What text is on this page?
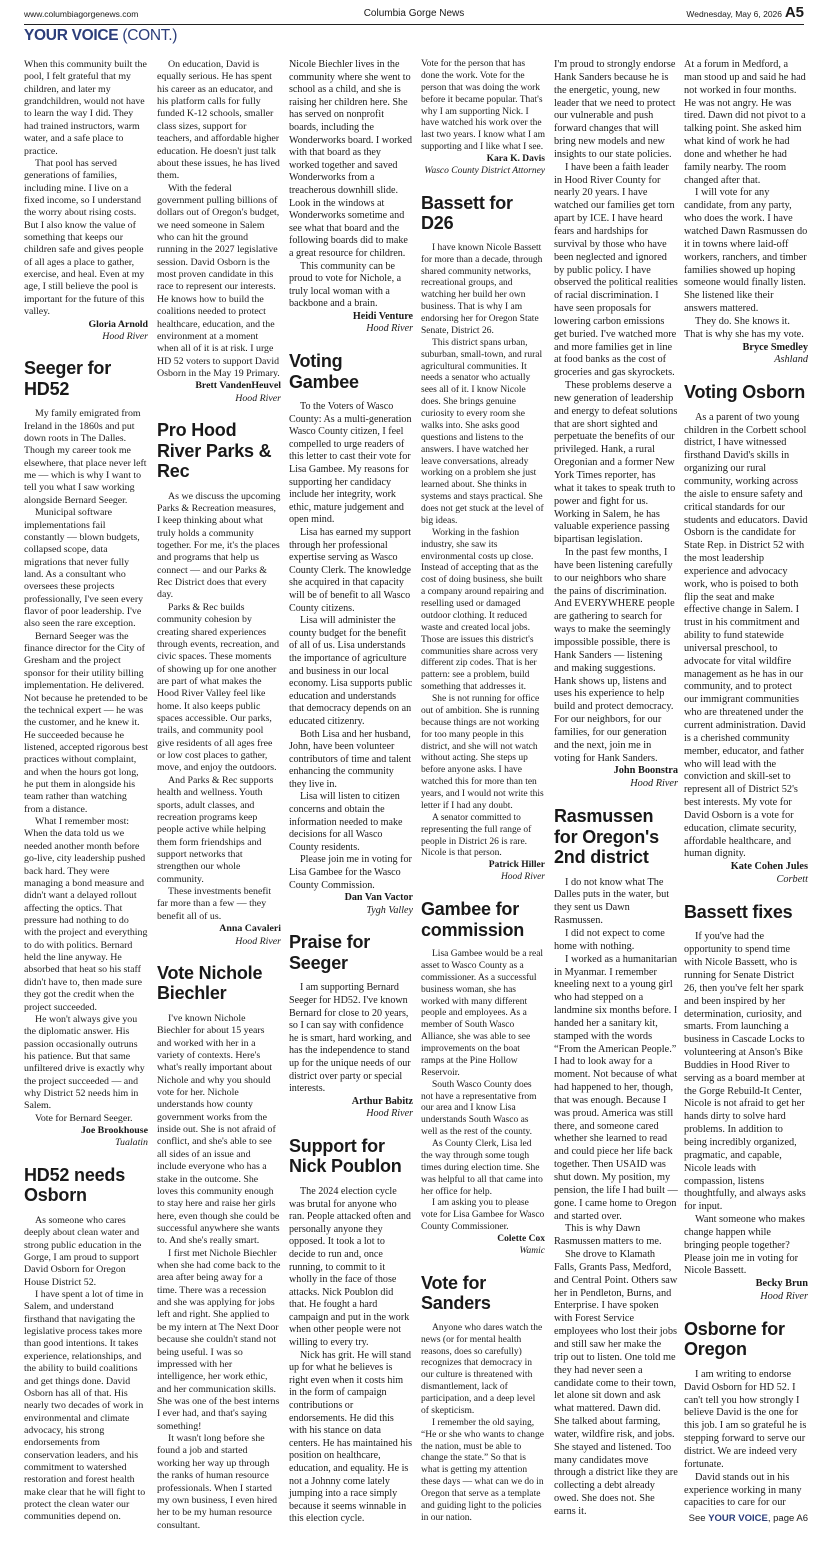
www.columbiagorgenews.com	Columbia Gorge News	Wednesday, May 6, 2026 A5
YOUR VOICE (CONT.)

When this community built the pool, I felt grateful that my children, and later my grandchildren, would not have to learn the way I did. They had trained instructors, warm water, and a safe place to practice.

That pool has served generations of families, including mine. I live on a fixed income, so I understand the worry about rising costs. But I also know the value of something that keeps our children safe and gives people of all ages a place to gather, exercise, and heal. Even at my age, I still believe the pool is important for the future of this valley.

Gloria Arnold
Hood River
Seeger for HD52

My family emigrated from Ireland in the 1860s and put down roots in The Dalles. Though my career took me elsewhere, that place never left me — which is why I want to tell you what I saw working alongside Bernard Seeger.

Municipal software implementations fail constantly — blown budgets, collapsed scope, data migrations that never fully land. As a consultant who oversees these projects professionally, I've seen every flavor of poor leadership. I've also seen the rare exception.

Bernard Seeger was the finance director for the City of Gresham and the project sponsor for their utility billing implementation. He delivered. Not because he pretended to be the technical expert — he was the customer, and he knew it. He succeeded because he listened, accepted rigorous best practices without complaint, and when the hours got long, he put them in alongside his team rather than watching from a distance.

What I remember most: When the data told us we needed another month before go-live, city leadership pushed back hard. They were managing a bond measure and didn't want a delayed rollout affecting the optics. That pressure had nothing to do with the project and everything to do with politics. Bernard held the line anyway. He absorbed that heat so his staff didn't have to, then made sure they got the credit when the project succeeded.

He won't always give you the diplomatic answer. His passion occasionally outruns his patience. But that same unfiltered drive is exactly why the project succeeded — and why District 52 needs him in Salem.

Vote for Bernard Seeger.

Joe Brookhouse
Tualatin
HD52 needs Osborn

As someone who cares deeply about clean water and strong public education in the Gorge, I am proud to support David Osborn for Oregon House District 52.

I have spent a lot of time in Salem, and understand firsthand that navigating the legislative process takes more than good intentions. It takes experience, relationships, and the ability to build coalitions and get things done. David Osborn has all of that. His nearly two decades of work in environmental and climate advocacy, his strong endorsements from conservation leaders, and his commitment to watershed restoration and forest health make clear that he will fight to protect the clean water our communities depend on.

On education, David is equally serious. He has spent his career as an educator, and his platform calls for fully funded K-12 schools, smaller class sizes, support for teachers, and affordable higher education. He doesn't just talk about these issues, he has lived them.

With the federal government pulling billions of dollars out of Oregon's budget, we need someone in Salem who can hit the ground running in the 2027 legislative session. David Osborn is the most proven candidate in this race to represent our interests. He knows how to build the coalitions needed to protect healthcare, education, and the environment at a moment when all of it is at risk. I urge HD 52 voters to support David Osborn in the May 19 Primary.

Brett VandenHeuvel
Hood River
Pro Hood River Parks & Rec

As we discuss the upcoming Parks & Recreation measures, I keep thinking about what truly holds a community together. For me, it's the places and programs that help us connect — and our Parks & Rec District does that every day.

Parks & Rec builds community cohesion by creating shared experiences through events, recreation, and civic spaces. These moments of showing up for one another are part of what makes the Hood River Valley feel like home. It also keeps public spaces accessible. Our parks, trails, and community pool give residents of all ages free or low cost places to gather, move, and enjoy the outdoors.

And Parks & Rec supports health and wellness. Youth sports, adult classes, and recreation programs keep people active while helping them form friendships and support networks that strengthen our whole community.

These investments benefit far more than a few — they benefit all of us.

Anna Cavaleri
Hood River
Vote Nichole Biechler

I've known Nichole Biechler for about 15 years and worked with her in a variety of contexts. Here's what's really important about Nichole and why you should vote for her. Nichole understands how county government works from the inside out. She is not afraid of conflict, and she's able to see all sides of an issue and include everyone who has a stake in the outcome. She loves this community enough to stay here and raise her girls here, even though she could be successful anywhere she wants to. And she's really smart.

I first met Nichole Biechler when she had come back to the area after being away for a time. There was a recession and she was applying for jobs left and right. She applied to be my intern at The Next Door because she couldn't stand not being useful. I was so impressed with her intelligence, her work ethic, and her communication skills. She was one of the best interns I ever had, and that's saying something!

It wasn't long before she found a job and started working her way up through the ranks of human resource professionals. When I started my own business, I even hired her to be my human resource consultant.

Nicole Biechler lives in the community where she went to school as a child, and she is raising her children here. She has served on nonprofit boards, including the Wonderworks board. I worked with that board as they worked together and saved Wonderworks from a treacherous downhill slide. Look in the windows at Wonderworks sometime and see what that board and the following boards did to make a great resource for children.

This community can be proud to vote for Nichole, a truly local woman with a backbone and a brain.

Heidi Venture
Hood River
Voting Gambee

To the Voters of Wasco County: As a multi-generation Wasco County citizen, I feel compelled to urge readers of this letter to cast their vote for Lisa Gambee. My reasons for supporting her candidacy include her integrity, work ethic, mature judgement and open mind.

Lisa has earned my support through her professional expertise serving as Wasco County Clerk. The knowledge she acquired in that capacity will be of benefit to all Wasco County citizens.

Lisa will administer the county budget for the benefit of all of us. Lisa understands the importance of agriculture and business in our local economy. Lisa supports public education and understands that democracy depends on an educated citizenry.

Both Lisa and her husband, John, have been volunteer contributors of time and talent enhancing the community they live in.

Lisa will listen to citizen concerns and obtain the information needed to make decisions for all Wasco County residents.

Please join me in voting for Lisa Gambee for the Wasco County Commission.

Dan Van Vactor
Tygh Valley
Praise for Seeger

I am supporting Bernard Seeger for HD52. I've known Bernard for close to 20 years, so I can say with confidence he is smart, hard working, and has the independence to stand up for the unique needs of our district over party or special interests.

Arthur Babitz
Hood River
Support for Nick Poublon

The 2024 election cycle was brutal for anyone who ran. People attacked often and personally anyone they opposed. It took a lot to decide to run and, once running, to commit to it wholly in the face of those attacks. Nick Poublon did that. He fought a hard campaign and put in the work when other people were not willing to every try.

Nick has grit. He will stand up for what he believes is right even when it costs him in the form of campaign contributions or endorsements. He did this with his stance on data centers. He has maintained his position on healthcare, education, and equality. He is not a Johnny come lately jumping into a race simply because it seems winnable in this election cycle.

Vote for the person that has done the work. Vote for the person that was doing the work before it became popular. That's why I am supporting Nick. I have watched his work over the last two years. I know what I am supporting and I like what I see.

Kara K. Davis
Wasco County District Attorney
Bassett for D26

I have known Nicole Bassett for more than a decade, through shared community networks, recreational groups, and watching her build her own business. That is why I am endorsing her for Oregon State Senate, District 26.

This district spans urban, suburban, small-town, and rural agricultural communities. It needs a senator who actually sees all of it. I know Nicole does. She brings genuine curiosity to every room she walks into. She asks good questions and listens to the answers. I have watched her leave conversations, already working on a problem she just learned about. She thinks in systems and stays practical. She does not get stuck at the level of big ideas.

Working in the fashion industry, she saw its environmental costs up close. Instead of accepting that as the cost of doing business, she built a company around repairing and reselling used or damaged outdoor clothing. It reduced waste and created local jobs. Those are issues this district's communities share across very different zip codes. That is her pattern: see a problem, build something that addresses it.

She is not running for office out of ambition. She is running because things are not working for too many people in this district, and she will not watch without acting. She steps up before anyone asks. I have watched this for more than ten years, and I would not write this letter if I had any doubt.

A senator committed to representing the full range of people in District 26 is rare. Nicole is that person.

Patrick Hiller
Hood River
Gambee for commission

Lisa Gambee would be a real asset to Wasco County as a commissioner. As a successful business woman, she has worked with many different people and employees. As a member of South Wasco Alliance, she was able to see improvements on the boat ramps at the Pine Hollow Reservoir.

South Wasco County does not have a representative from our area and I know Lisa understands South Wasco as well as the rest of the county.

As County Clerk, Lisa led the way through some tough times during election time. She was helpful to all that came into her office for help.

I am asking you to please vote for Lisa Gambee for Wasco County Commissioner.

Colette Cox
Wamic
Vote for Sanders

Anyone who dares watch the news (or for mental health reasons, does so carefully) recognizes that democracy in our culture is threatened with dismantlement, lack of participation, and a deep level of skepticism.

I remember the old saying, “He or she who wants to change the nation, must be able to change the state.” So that is what is getting my attention these days — what can we do in Oregon that serve as a template and guiding light to the policies in our nation.

I'm proud to strongly endorse Hank Sanders because he is the energetic, young, new leader that we need to protect our vulnerable and push forward changes that will bring new models and new insights to our state policies.

I have been a faith leader in Hood River County for nearly 20 years. I have watched our families get torn apart by ICE. I have heard fears and hardships for survival by those who have been neglected and ignored by public policy. I have observed the political realities of racial discrimination. I have seen proposals for lowering carbon emissions get buried. I've watched more and more families get in line at food banks as the cost of groceries and gas skyrockets.

These problems deserve a new generation of leadership and energy to defeat solutions that are short sighted and perpetuate the benefits of our privileged. Hank, a rural Oregonian and a former New York Times reporter, has what it takes to speak truth to power and fight for us. Working in Salem, he has valuable experience passing bipartisan legislation.

In the past few months, I have been listening carefully to our neighbors who share the pains of discrimination. And EVERYWHERE people are gathering to search for ways to make the seemingly impossible possible, there is Hank Sanders — listening and making suggestions. Hank shows up, listens and uses his experience to help build and protect democracy. For our neighbors, for our families, for our generation and the next, join me in voting for Hank Sanders.

John Boonstra
Hood River
Rasmussen for Oregon's 2nd district

I do not know what The Dalles puts in the water, but they sent us Dawn Rasmussen.

I did not expect to come home with nothing.

I worked as a humanitarian in Myanmar. I remember kneeling next to a young girl who had stepped on a landmine six months before. I handed her a sanitary kit, stamped with the words “From the American People.” I had to look away for a moment. Not because of what had happened to her, though, that was enough. Because I was proud. America was still there, and someone cared whether she learned to read and could piece her life back together. Then USAID was shut down. My position, my pension, the life I had built — gone. I came home to Oregon and started over.

This is why Dawn Rasmussen matters to me.

She drove to Klamath Falls, Grants Pass, Medford, and Central Point. Others saw her in Pendleton, Burns, and Enterprise. I have spoken with Forest Service employees who lost their jobs and still saw her make the trip out to listen. One told me they had never seen a candidate come to their town, let alone sit down and ask what mattered. Dawn did. She talked about farming, water, wildfire risk, and jobs. She stayed and listened. Too many candidates move through a district like they are collecting a debt already owed. She does not. She earns it.

At a forum in Medford, a man stood up and said he had not worked in four months. He was not angry. He was tired. Dawn did not pivot to a talking point. She asked him what kind of work he had done and whether he had family nearby. The room changed after that.

I will vote for any candidate, from any party, who does the work. I have watched Dawn Rasmussen do it in towns where laid-off workers, ranchers, and timber families showed up hoping someone would finally listen. She listened like their answers mattered.

They do. She knows it. That is why she has my vote.

Bryce Smedley
Ashland
Voting Osborn

As a parent of two young children in the Corbett school district, I have witnessed firsthand David's skills in organizing our rural community, working across the aisle to ensure safety and critical standards for our students and educators. David Osborn is the candidate for State Rep. in District 52 with the most leadership experience and advocacy work, who is poised to both flip the seat and make effective change in Salem. I trust in his commitment and ability to fund statewide universal preschool, to advocate for vital wildfire management as he has in our community, and to protect our immigrant communities who are threatened under the current administration. David is a cherished community member, educator, and father who will lead with the conviction and skill-set to represent all of District 52's best interests. My vote for David Osborn is a vote for education, climate security, affordable healthcare, and human dignity.

Kate Cohen Jules
Corbett
Bassett fixes

If you've had the opportunity to spend time with Nicole Bassett, who is running for Senate District 26, then you've felt her spark and been inspired by her determination, curiosity, and smarts. From launching a business in Cascade Locks to volunteering at Anson's Bike Buddies in Hood River to serving as a board member at the Gorge Rebuild-It Center, Nicole is not afraid to get her hands dirty to solve hard problems. In addition to being incredibly organized, pragmatic, and capable, Nicole leads with compassion, listens thoughtfully, and always asks for input.

Want someone who makes change happen while bringing people together? Please join me in voting for Nicole Bassett.

Becky Brun
Hood River
Osborne for Oregon

I am writing to endorse David Osborn for HD 52. I can't tell you how strongly I believe David is the one for this job. I am so grateful he is stepping forward to serve our district. We are indeed very fortunate.

David stands out in his experience working in many capacities to care for our

See YOUR VOICE, page A6
